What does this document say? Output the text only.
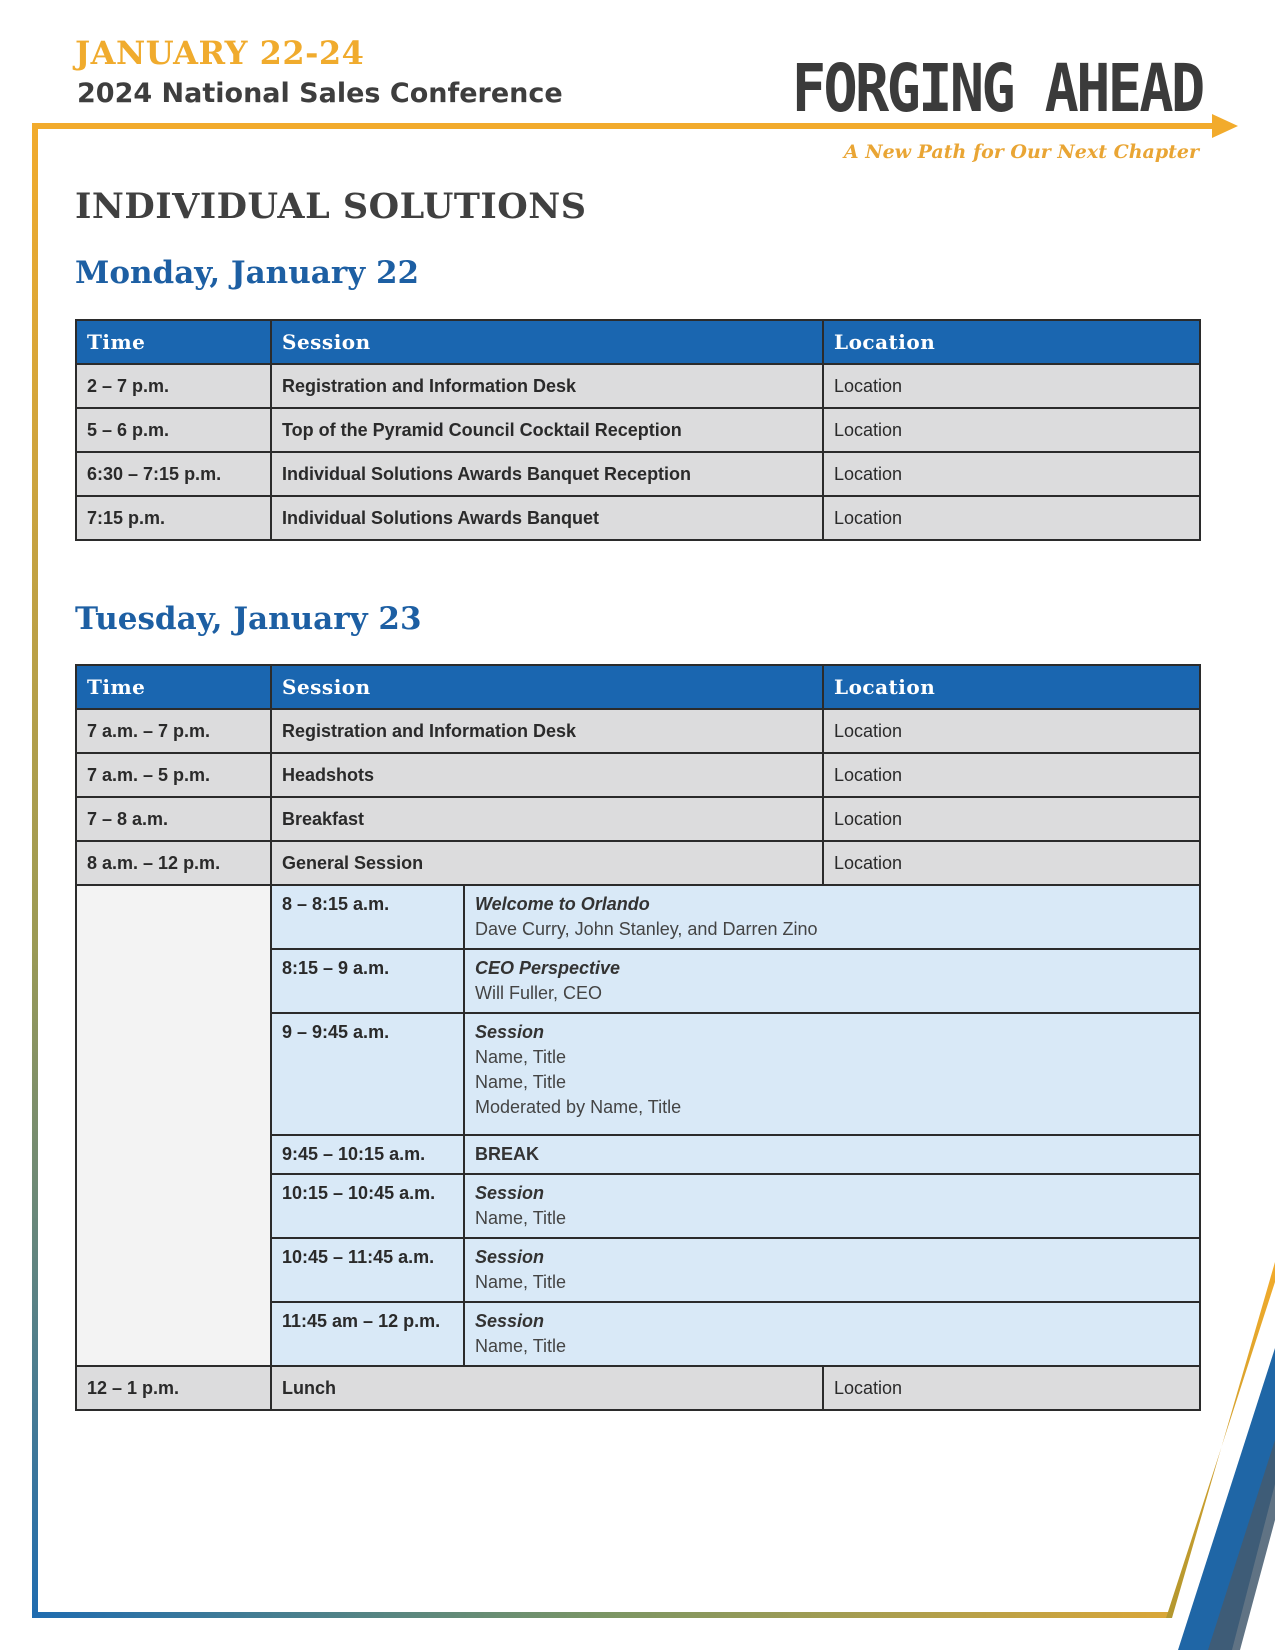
JANUARY 22-24
2024 National Sales Conference	FORGING AHEAD
A New Path for Our Next Chapter
INDIVIDUAL SOLUTIONS
Monday, January 22
Time	Session	Location
2 – 7 p.m.	Registration and Information Desk	Location
5 – 6 p.m.	Top of the Pyramid Council Cocktail Reception	Location
6:30 – 7:15 p.m.	Individual Solutions Awards Banquet Reception	Location
7:15 p.m.	Individual Solutions Awards Banquet	Location
Tuesday, January 23
Time	Session		Location
7 a.m. – 7 p.m.	Registration and Information Desk		Location
7 a.m. – 5 p.m.	Headshots		Location
7 – 8 a.m.	Breakfast		Location
8 a.m. – 12 p.m.	General Session		Location
	8 – 8:15 a.m.	Welcome to Orlando
Dave Curry, John Stanley, and Darren Zino	

	8:15 – 9 a.m.	CEO Perspective
Will Fuller, CEO	

	9 – 9:45 a.m.	Session
Name, Title
Name, Title
Moderated by Name, Title	

	9:45 – 10:15 a.m.	BREAK	

	10:15 – 10:45 a.m.	Session
Name, Title	

	10:45 – 11:45 a.m.	Session
Name, Title	

	11:45 am – 12 p.m.	Session
Name, Title	

12 – 1 p.m.	Lunch		Location
